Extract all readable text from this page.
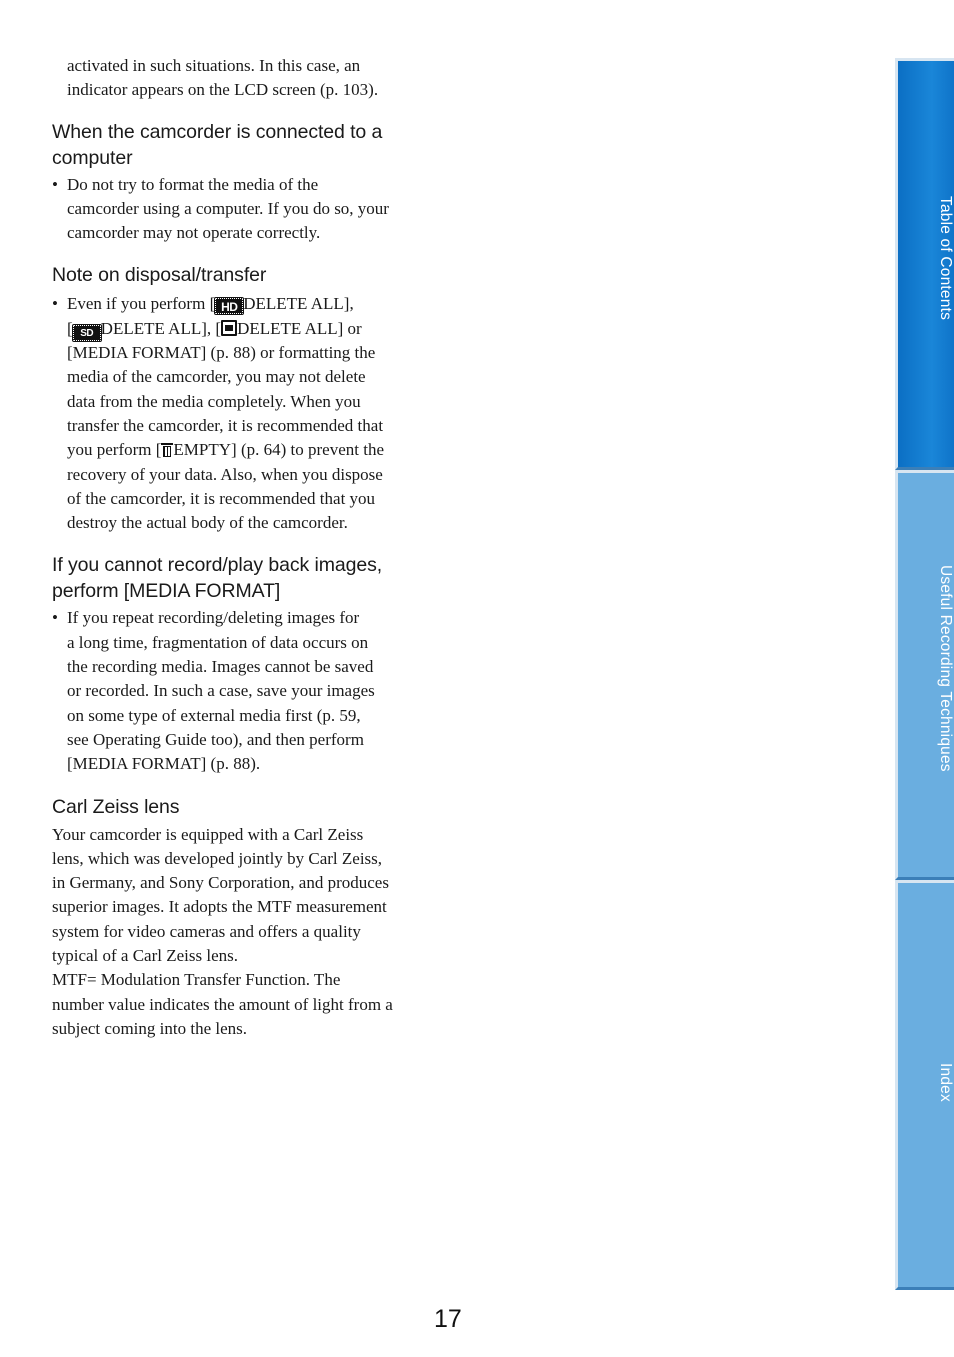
activated in such situations. In this case, an
indicator appears on the LCD screen (p. 103).
When the camcorder is connected to a
computer
• Do not try to format the media of the
camcorder using a computer. If you do so, your
camcorder may not operate correctly.
Note on disposal/transfer
• Even if you perform [ HD DELETE ALL],
[ SD DELETE ALL], [ DELETE ALL] or
[MEDIA FORMAT] (p. 88) or formatting the
media of the camcorder, you may not delete
data from the media completely. When you
transfer the camcorder, it is recommended that
you perform [ EMPTY] (p. 64) to prevent the
recovery of your data. Also, when you dispose
of the camcorder, it is recommended that you
destroy the actual body of the camcorder.
If you cannot record/play back images,
perform [MEDIA FORMAT]
• If you repeat recording/deleting images for
a long time, fragmentation of data occurs on
the recording media. Images cannot be saved
or recorded. In such a case, save your images
on some type of external media first (p. 59,
see Operating Guide too), and then perform
[MEDIA FORMAT] (p. 88).
Carl Zeiss lens
Your camcorder is equipped with a Carl Zeiss
lens, which was developed jointly by Carl Zeiss,
in Germany, and Sony Corporation, and produces
superior images. It adopts the MTF measurement
system for video cameras and offers a quality
typical of a Carl Zeiss lens.
MTF= Modulation Transfer Function. The
number value indicates the amount of light from a
subject coming into the lens.
Table of Contents
Useful Recording Techniques
Index
17
